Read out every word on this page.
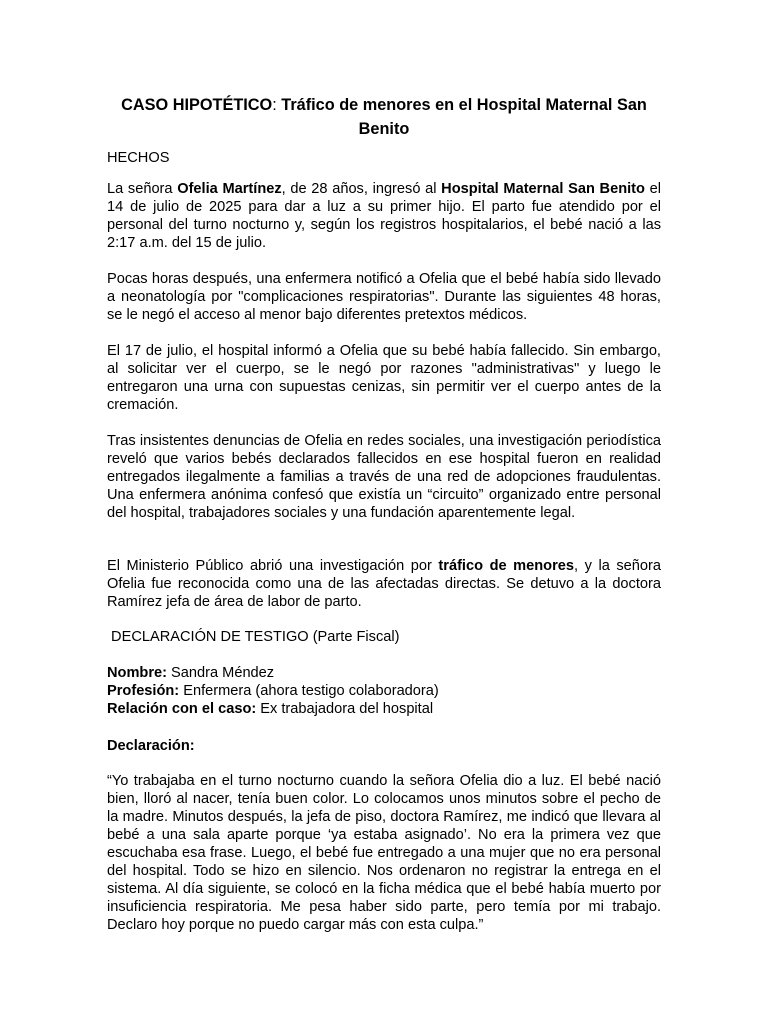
CASO HIPOTÉTICO: Tráfico de menores en el Hospital Maternal San Benito

HECHOS

La señora Ofelia Martínez, de 28 años, ingresó al Hospital Maternal San Benito el 14 de julio de 2025 para dar a luz a su primer hijo. El parto fue atendido por el personal del turno nocturno y, según los registros hospitalarios, el bebé nació a las 2:17 a.m. del 15 de julio.

Pocas horas después, una enfermera notificó a Ofelia que el bebé había sido llevado a neonatología por "complicaciones respiratorias". Durante las siguientes 48 horas, se le negó el acceso al menor bajo diferentes pretextos médicos.

El 17 de julio, el hospital informó a Ofelia que su bebé había fallecido. Sin embargo, al solicitar ver el cuerpo, se le negó por razones "administrativas" y luego le entregaron una urna con supuestas cenizas, sin permitir ver el cuerpo antes de la cremación.

Tras insistentes denuncias de Ofelia en redes sociales, una investigación periodística reveló que varios bebés declarados fallecidos en ese hospital fueron en realidad entregados ilegalmente a familias a través de una red de adopciones fraudulentas. Una enfermera anónima confesó que existía un “circuito” organizado entre personal del hospital, trabajadores sociales y una fundación aparentemente legal.

El Ministerio Público abrió una investigación por tráfico de menores, y la señora Ofelia fue reconocida como una de las afectadas directas. Se detuvo a la doctora Ramírez jefa de área de labor de parto.

DECLARACIÓN DE TESTIGO (Parte Fiscal)

Nombre: Sandra Méndez
Profesión: Enfermera (ahora testigo colaboradora)
Relación con el caso: Ex trabajadora del hospital

Declaración:

“Yo trabajaba en el turno nocturno cuando la señora Ofelia dio a luz. El bebé nació bien, lloró al nacer, tenía buen color. Lo colocamos unos minutos sobre el pecho de la madre. Minutos después, la jefa de piso, doctora Ramírez, me indicó que llevara al bebé a una sala aparte porque ‘ya estaba asignado’. No era la primera vez que escuchaba esa frase. Luego, el bebé fue entregado a una mujer que no era personal del hospital. Todo se hizo en silencio. Nos ordenaron no registrar la entrega en el sistema. Al día siguiente, se colocó en la ficha médica que el bebé había muerto por insuficiencia respiratoria. Me pesa haber sido parte, pero temía por mi trabajo. Declaro hoy porque no puedo cargar más con esta culpa.”
